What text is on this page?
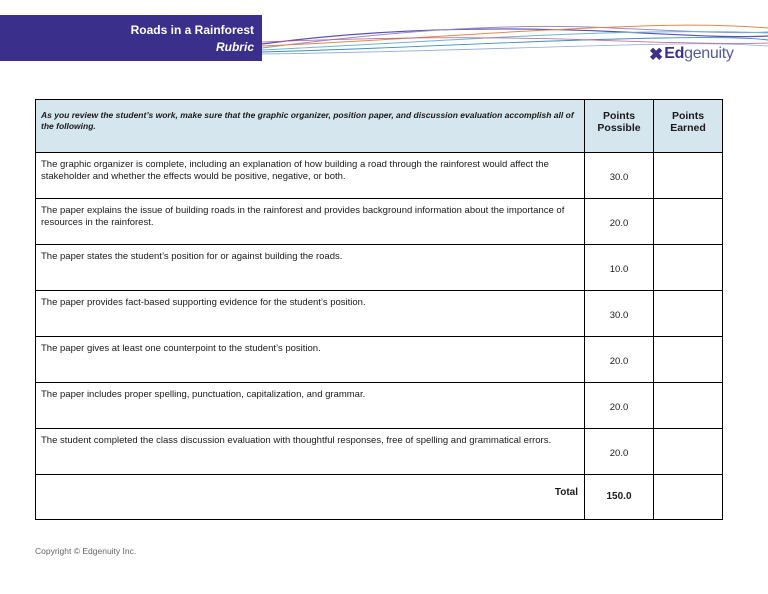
Roads in a Rainforest
Rubric	✖ Edgenuity
As you review the student’s work, make sure that the graphic organizer, position paper, and discussion evaluation accomplish all of the following.	Points Possible	Points Earned
The graphic organizer is complete, including an explanation of how building a road through the rainforest would affect the stakeholder and whether the effects would be positive, negative, or both.	30.0	
The paper explains the issue of building roads in the rainforest and provides background information about the importance of resources in the rainforest.	20.0	
The paper states the student’s position for or against building the roads.	10.0	
The paper provides fact-based supporting evidence for the student’s position.	30.0	
The paper gives at least one counterpoint to the student’s position.	20.0	
The paper includes proper spelling, punctuation, capitalization, and grammar.	20.0	
The student completed the class discussion evaluation with thoughtful responses, free of spelling and grammatical errors.	20.0	
Total	150.0	
Copyright © Edgenuity Inc.
